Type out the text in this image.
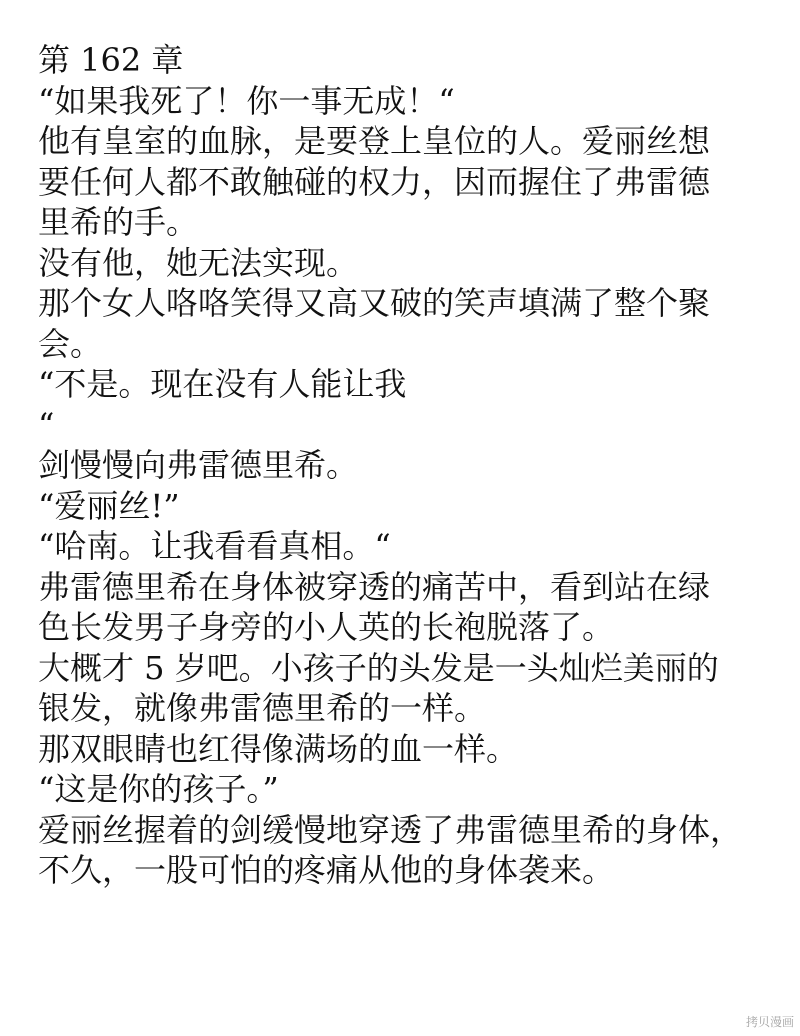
第 162 章
“如果我死了！你一事无成！“
他有皇室的血脉，是要登上皇位的人。爱丽丝想
要任何人都不敢触碰的权力，因而握住了弗雷德
里希的手。
没有他，她无法实现。
那个女人咯咯笑得又高又破的笑声填满了整个聚
会。
“不是。现在没有人能让我
“
剑慢慢向弗雷德里希。
“爱丽丝!”
“哈南。让我看看真相。“
弗雷德里希在身体被穿透的痛苦中，看到站在绿
色长发男子身旁的小人英的长袍脱落了。
大概才 5 岁吧。小孩子的头发是一头灿烂美丽的
银发，就像弗雷德里希的一样。
那双眼睛也红得像满场的血一样。
“这是你的孩子。”
爱丽丝握着的剑缓慢地穿透了弗雷德里希的身体，
不久，一股可怕的疼痛从他的身体袭来。
拷贝漫画
